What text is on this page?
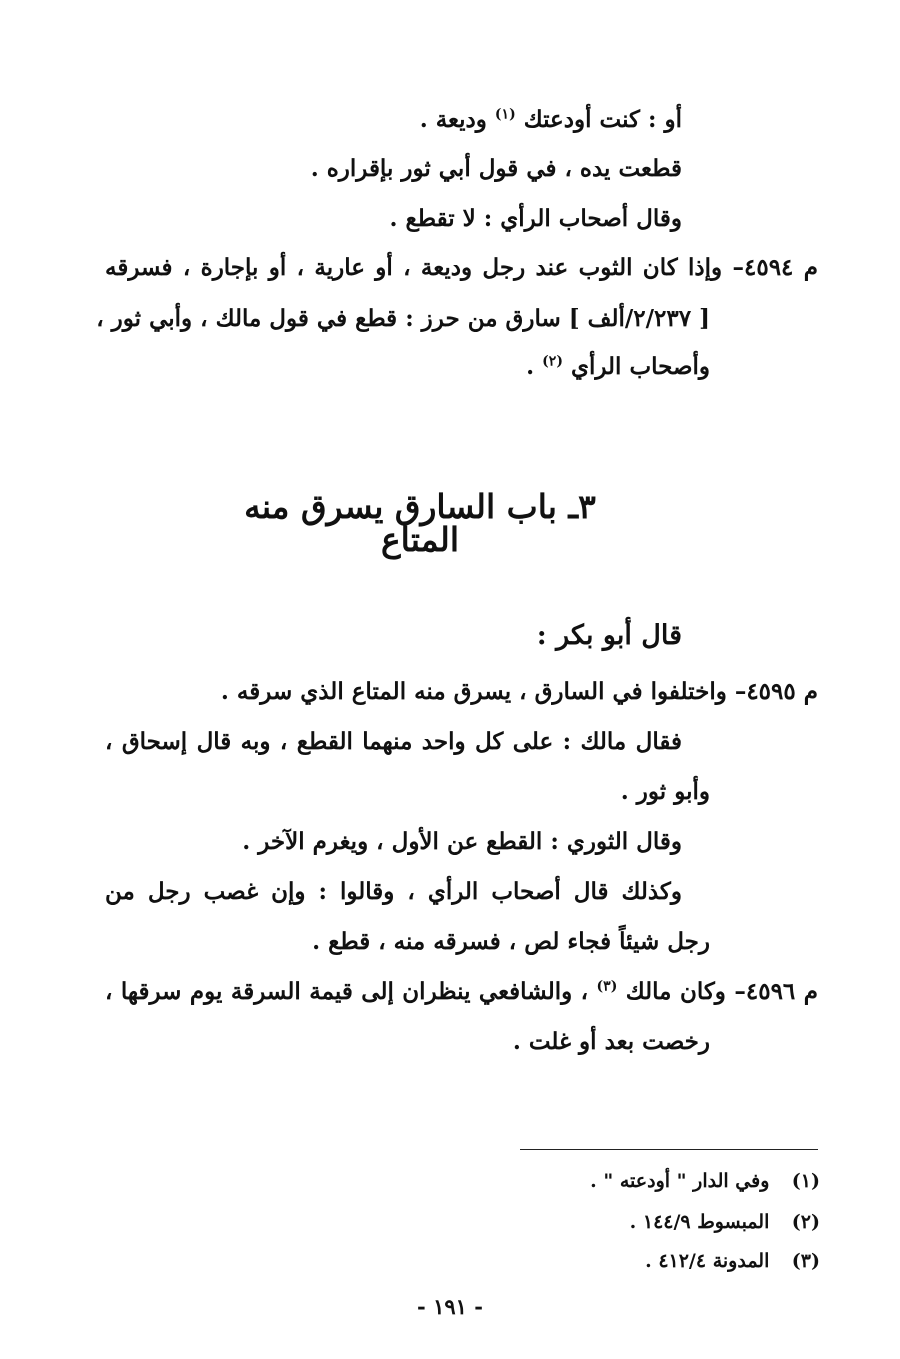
أو : كنت أودعتك $^{(١)}$ وديعة .
قطعت يده ، في قول أبي ثور بإقراره .
وقال أصحاب الرأي : لا تقطع .
م ٤٥٩٤– وإذا كان الثوب عند رجل وديعة ، أو عارية ، أو بإجارة ، فسرقه
[ ٢/٢٣٧/ألف ] سارق من حرز : قطع في قول مالك ، وأبي ثور ،
وأصحاب الرأي $^{(٢)}$ .
٣ـ باب السارق يسرق منه المتاع
قال أبو بكر :
م ٤٥٩٥– واختلفوا في السارق ، يسرق منه المتاع الذي سرقه .
فقال مالك : على كل واحد منهما القطع ، وبه قال إسحاق ،
وأبو ثور .
وقال الثوري : القطع عن الأول ، ويغرم الآخر .
وكذلك قال أصحاب الرأي ، وقالوا : وإن غصب رجل من
رجل شيئاً فجاء لص ، فسرقه منه ، قطع .
م ٤٥٩٦– وكان مالك $^{(٣)}$ ، والشافعي ينظران إلى قيمة السرقة يوم سرقها ،
رخصت بعد أو غلت .
(١) وفي الدار " أودعته " .
(٢) المبسوط ١٤٤/٩ .
(٣) المدونة ٤١٢/٤ .
- ١٩١ -
